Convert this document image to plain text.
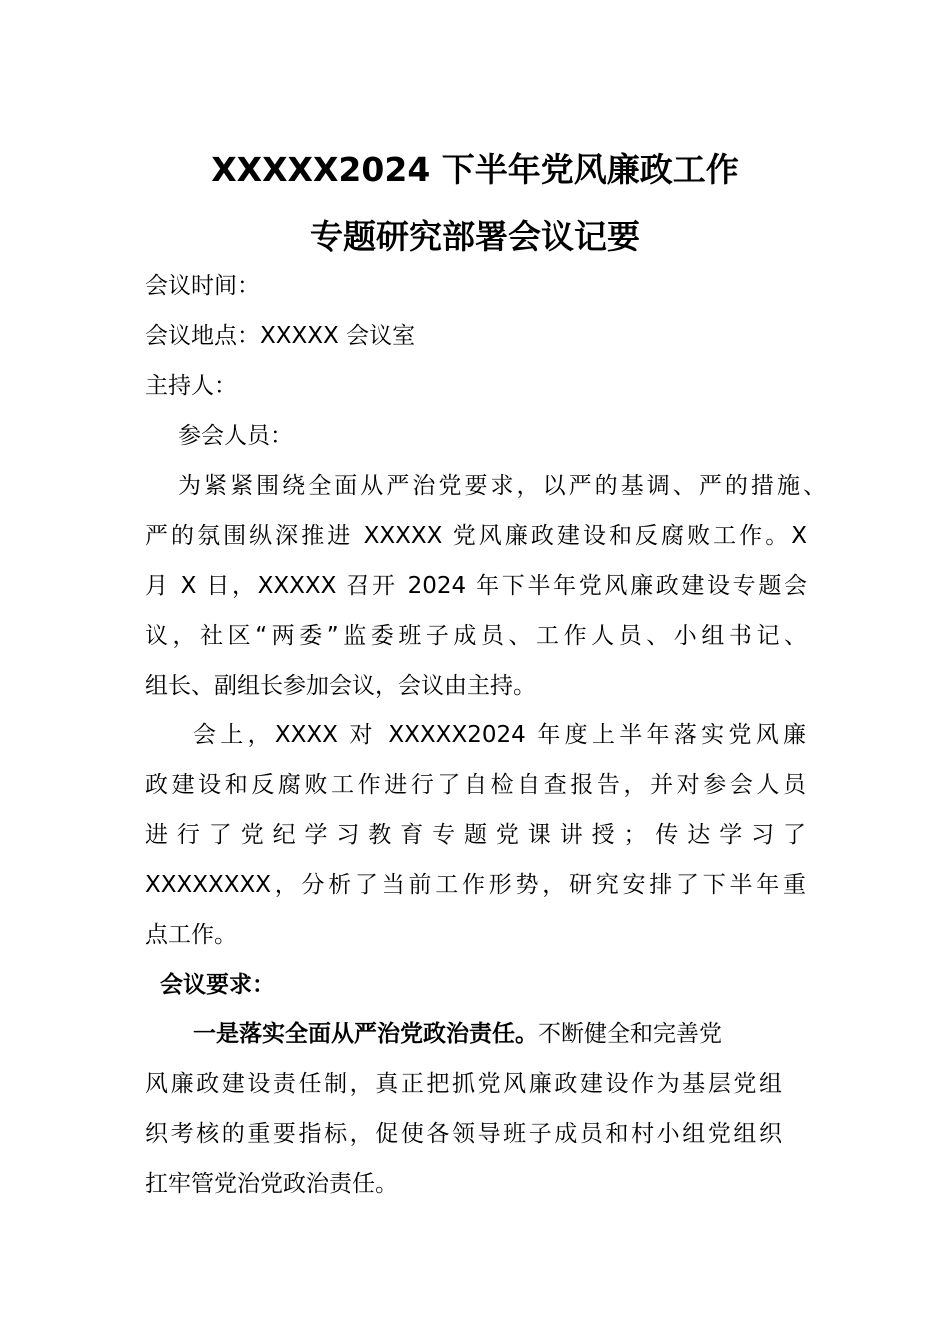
XXXXX2024 下半年党风廉政工作
专题研究部署会议记要
会议时间：
会议地点：XXXXX 会议室
主持人：
参会人员：
为紧紧围绕全面从严治党要求，以严的基调、严的措施、
严的氛围纵深推进 XXXXX 党风廉政建设和反腐败工作。X
月 X 日，XXXXX 召开 2024 年下半年党风廉政建设专题会
议，社区“两委”监委班子成员、工作人员、小组书记、
组长、副组长参加会议，会议由主持。
会上，XXXX 对 XXXXX2024 年度上半年落实党风廉
政建设和反腐败工作进行了自检自查报告，并对参会人员
进行了党纪学习教育专题党课讲授；传达学习了
XXXXXXXX，分析了当前工作形势，研究安排了下半年重
点工作。
会议要求：
一是落实全面从严治党政治责任。不断健全和完善党
风廉政建设责任制，真正把抓党风廉政建设作为基层党组
织考核的重要指标，促使各领导班子成员和村小组党组织
扛牢管党治党政治责任。
